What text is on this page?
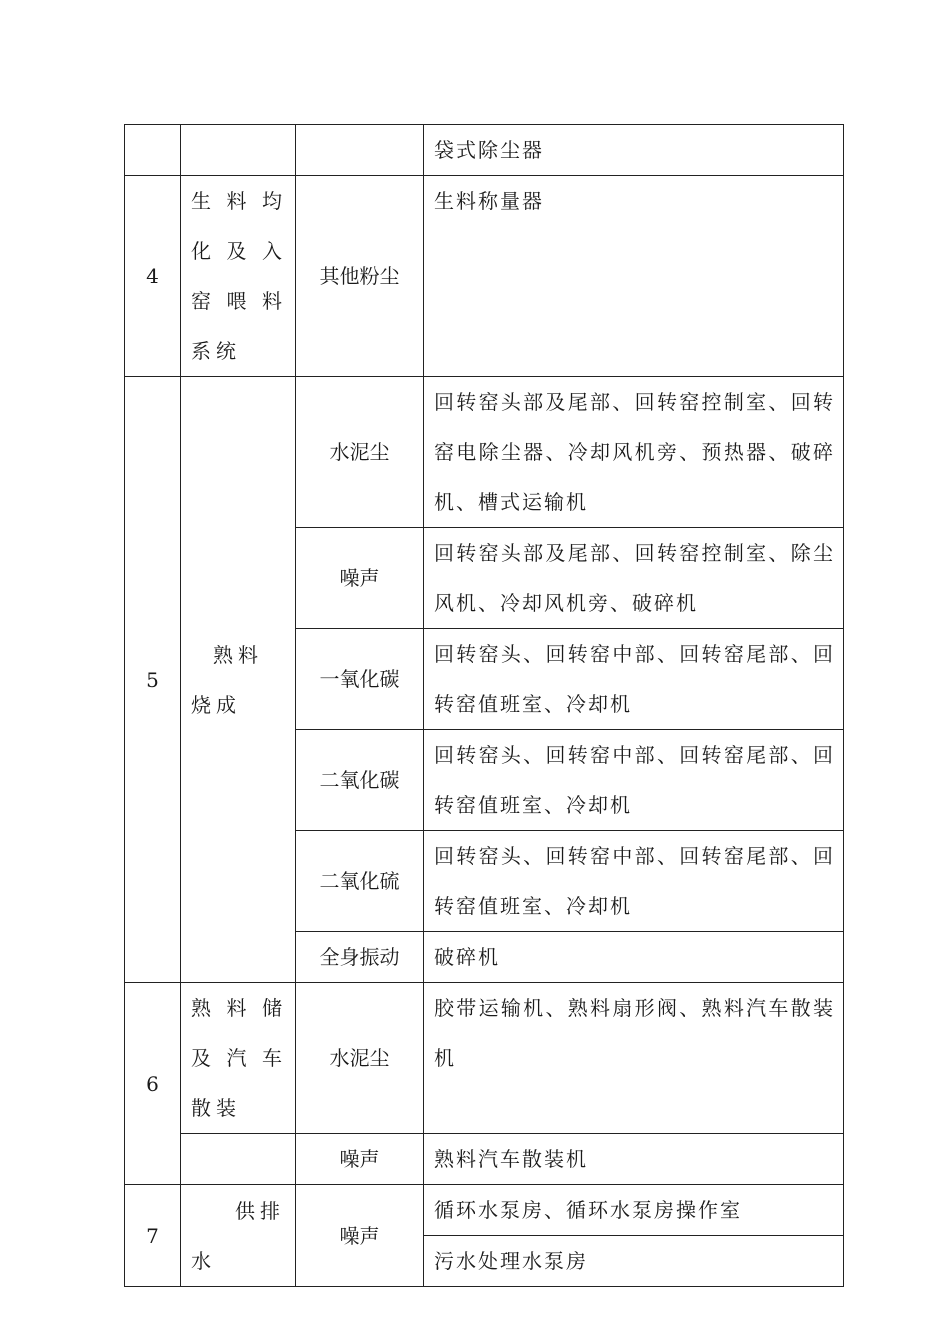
			袋式除尘器
4	生料均化及入窑喂料系统	其他粉尘	生料称量器
5	熟料烧成	水泥尘	回转窑头部及尾部、回转窑控制室、回转窑电除尘器、冷却风机旁、预热器、破碎机、槽式运输机
		噪声	回转窑头部及尾部、回转窑控制室、除尘风机、冷却风机旁、破碎机
		一氧化碳	回转窑头、回转窑中部、回转窑尾部、回转窑值班室、冷却机
		二氧化碳	回转窑头、回转窑中部、回转窑尾部、回转窑值班室、冷却机
		二氧化硫	回转窑头、回转窑中部、回转窑尾部、回转窑值班室、冷却机
		全身振动	破碎机
6	熟料储及汽车散装	水泥尘	胶带运输机、熟料扇形阀、熟料汽车散装机
		噪声	熟料汽车散装机
7	供排水	噪声	循环水泵房、循环水泵房操作室
			污水处理水泵房
